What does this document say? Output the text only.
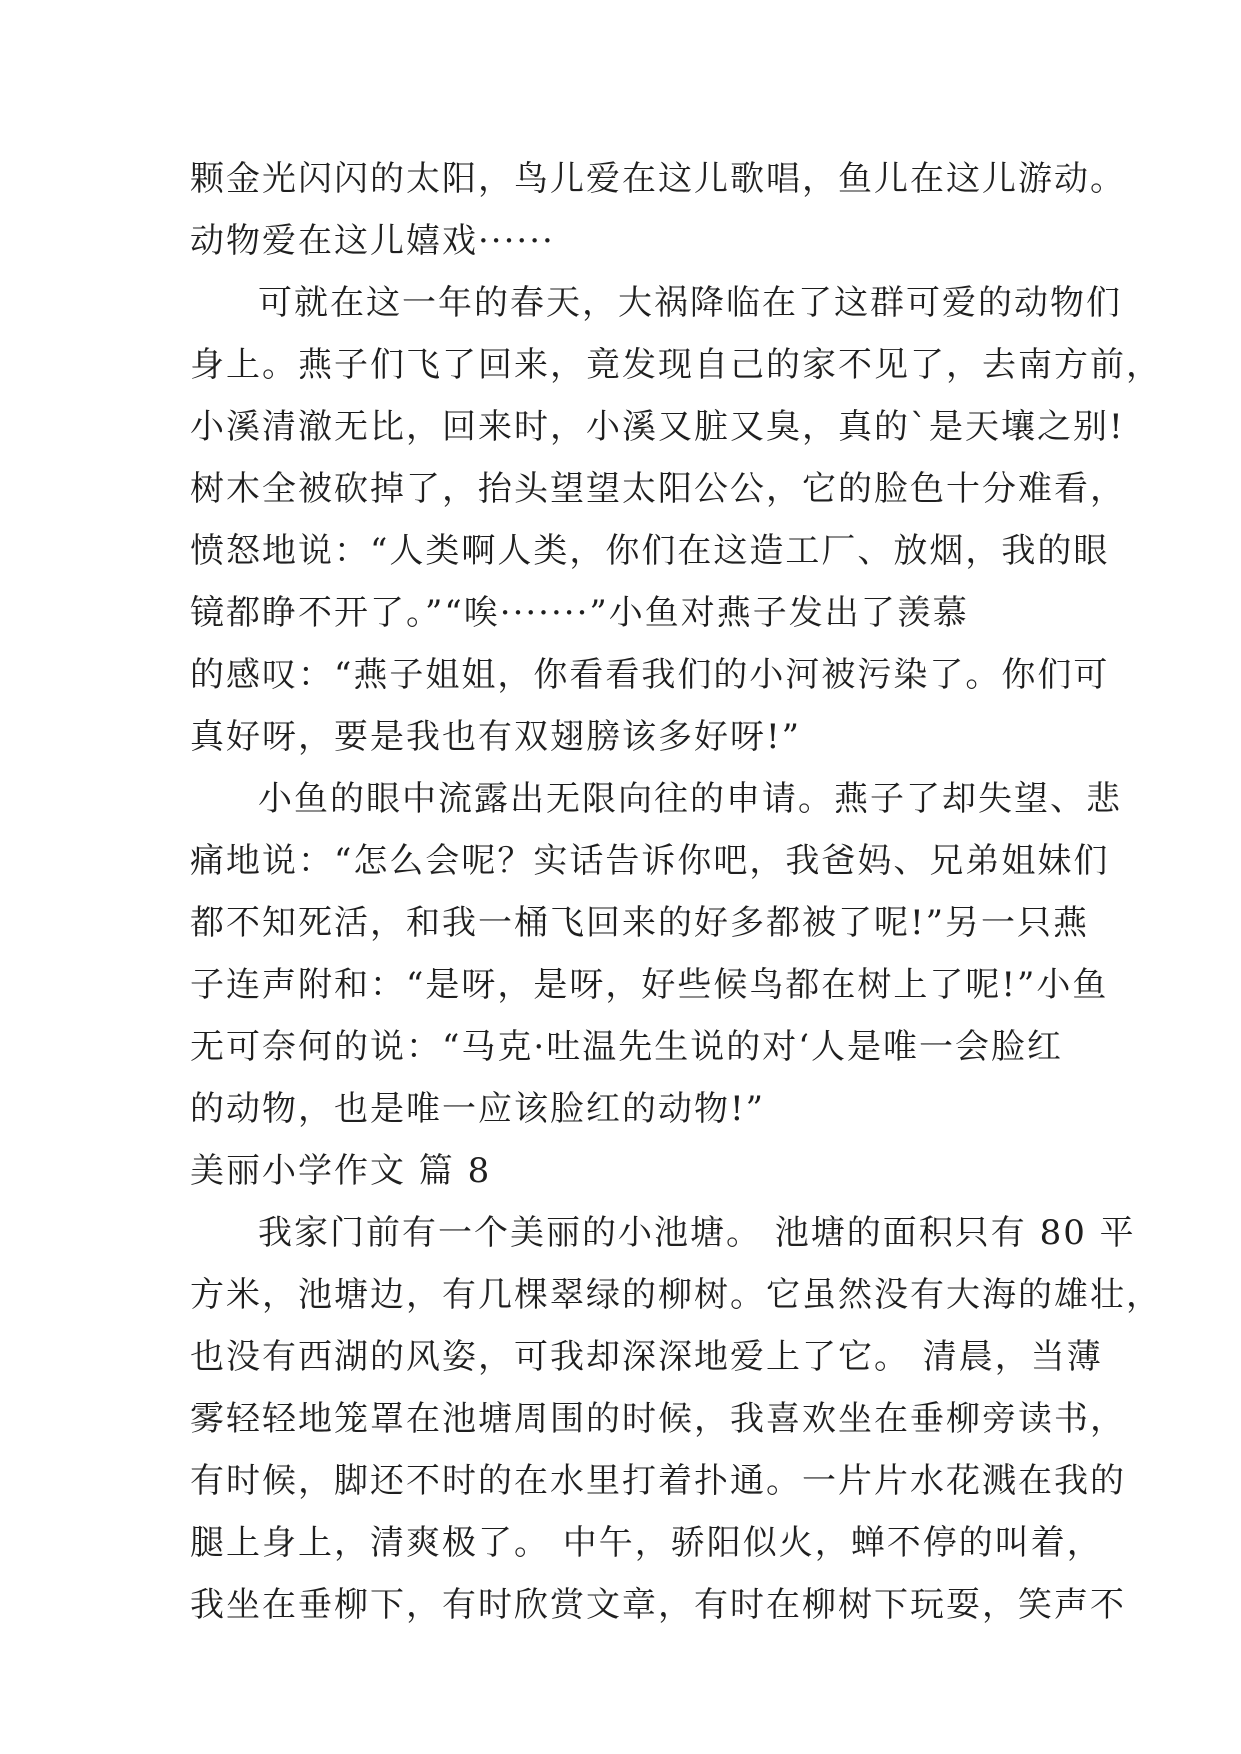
颗金光闪闪的太阳，鸟儿爱在这儿歌唱，鱼儿在这儿游动。
动物爱在这儿嬉戏······
可就在这一年的春天，大祸降临在了这群可爱的动物们
身上。燕子们飞了回来，竟发现自己的家不见了，去南方前，
小溪清澈无比，回来时，小溪又脏又臭，真的`是天壤之别!
树木全被砍掉了，抬头望望太阳公公，它的脸色十分难看，
愤怒地说：“人类啊人类，你们在这造工厂、放烟，我的眼
镜都睁不开了。”“唉·······”小鱼对燕子发出了羡慕
的感叹：“燕子姐姐，你看看我们的小河被污染了。你们可
真好呀，要是我也有双翅膀该多好呀!”
小鱼的眼中流露出无限向往的申请。燕子了却失望、悲
痛地说：“怎么会呢？实话告诉你吧，我爸妈、兄弟姐妹们
都不知死活，和我一桶飞回来的好多都被了呢!”另一只燕
子连声附和：“是呀，是呀，好些候鸟都在树上了呢!”小鱼
无可奈何的说：“马克·吐温先生说的对‘人是唯一会脸红
的动物，也是唯一应该脸红的动物!”
美丽小学作文 篇 8
我家门前有一个美丽的小池塘。 池塘的面积只有 80 平
方米，池塘边，有几棵翠绿的柳树。它虽然没有大海的雄壮，
也没有西湖的风姿，可我却深深地爱上了它。 清晨，当薄
雾轻轻地笼罩在池塘周围的时候，我喜欢坐在垂柳旁读书，
有时候，脚还不时的在水里打着扑通。一片片水花溅在我的
腿上身上，清爽极了。 中午，骄阳似火，蝉不停的叫着，
我坐在垂柳下，有时欣赏文章，有时在柳树下玩耍，笑声不
